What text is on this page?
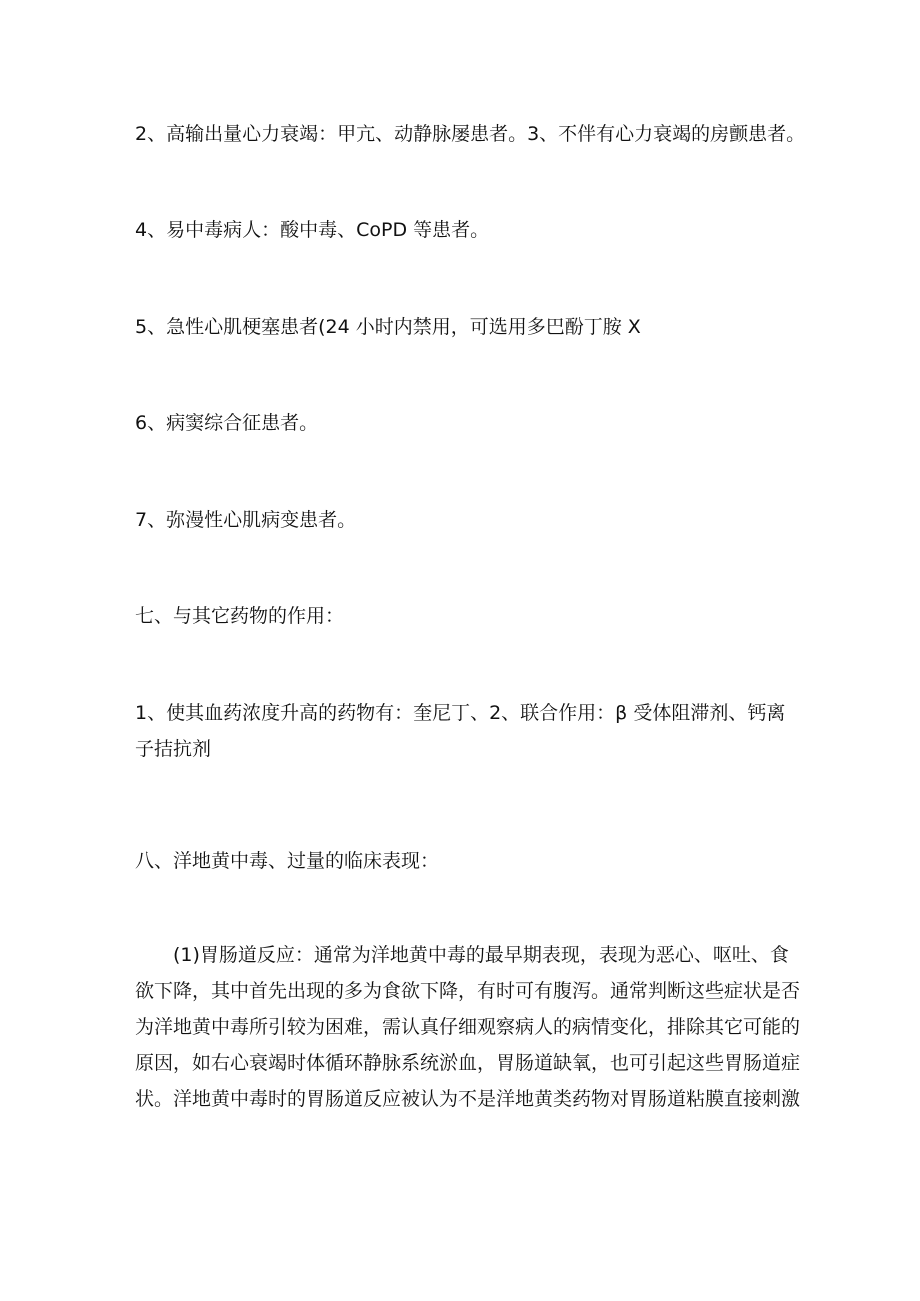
2、高输出量心力衰竭：甲亢、动静脉屡患者。3、不伴有心力衰竭的房颤患者。
4、易中毒病人：酸中毒、CoPD 等患者。
5、急性心肌梗塞患者(24 小时内禁用，可选用多巴酚丁胺 X
6、病窦综合征患者。
7、弥漫性心肌病变患者。
七、与其它药物的作用：
1、使其血药浓度升高的药物有：奎尼丁、2、联合作用：β 受体阻滞剂、钙离
子拮抗剂
八、洋地黄中毒、过量的临床表现：
(1)胃肠道反应：通常为洋地黄中毒的最早期表现，表现为恶心、呕吐、食
欲下降，其中首先出现的多为食欲下降，有时可有腹泻。通常判断这些症状是否
为洋地黄中毒所引较为困难，需认真仔细观察病人的病情变化，排除其它可能的
原因，如右心衰竭时体循环静脉系统淤血，胃肠道缺氧，也可引起这些胃肠道症
状。洋地黄中毒时的胃肠道反应被认为不是洋地黄类药物对胃肠道粘膜直接刺激
